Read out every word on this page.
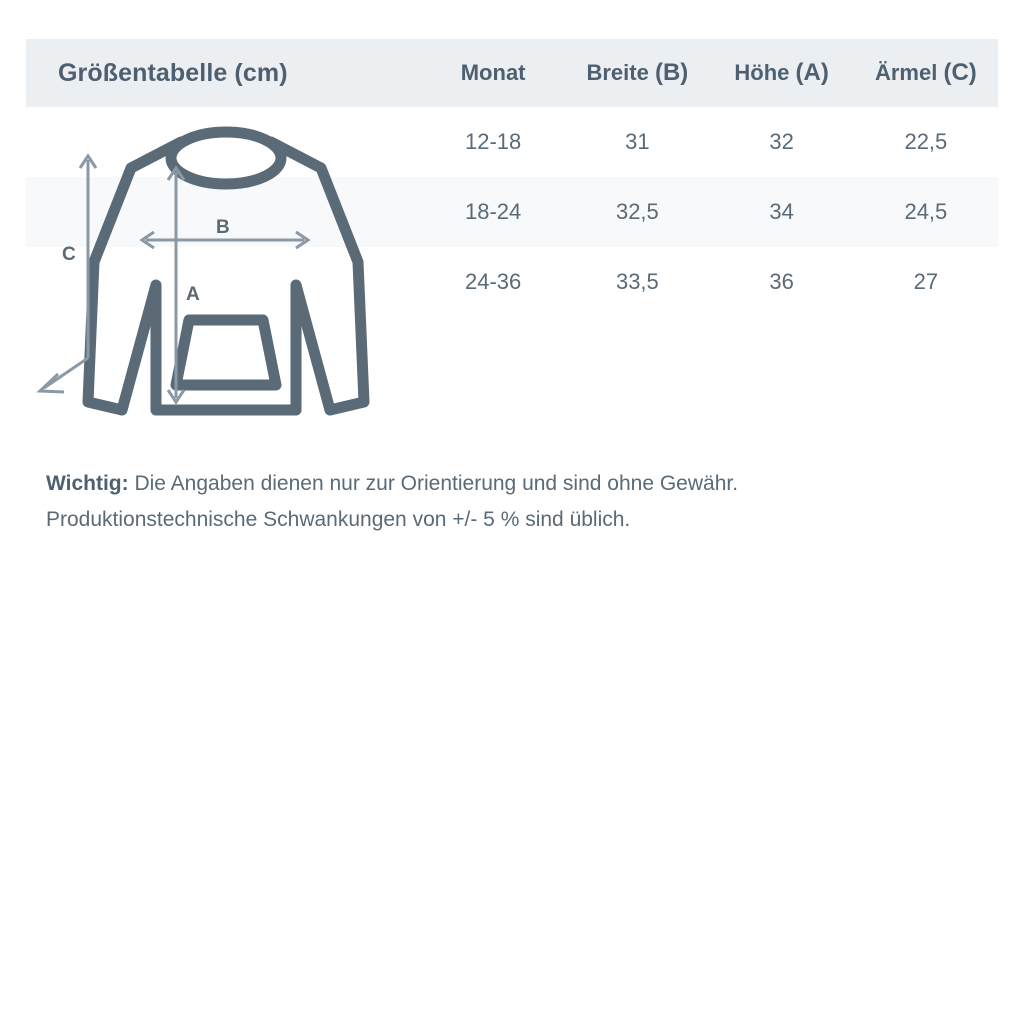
Größentabelle (cm)	Monat	Breite (B)	Höhe (A)	Ärmel (C)
12-18	31	32	22,5
18-24	32,5	34	24,5
24-36	33,5	36	27
B
A
C
Wichtig: Die Angaben dienen nur zur Orientierung und sind ohne Gewähr.
Produktionstechnische Schwankungen von +/- 5 % sind üblich.
